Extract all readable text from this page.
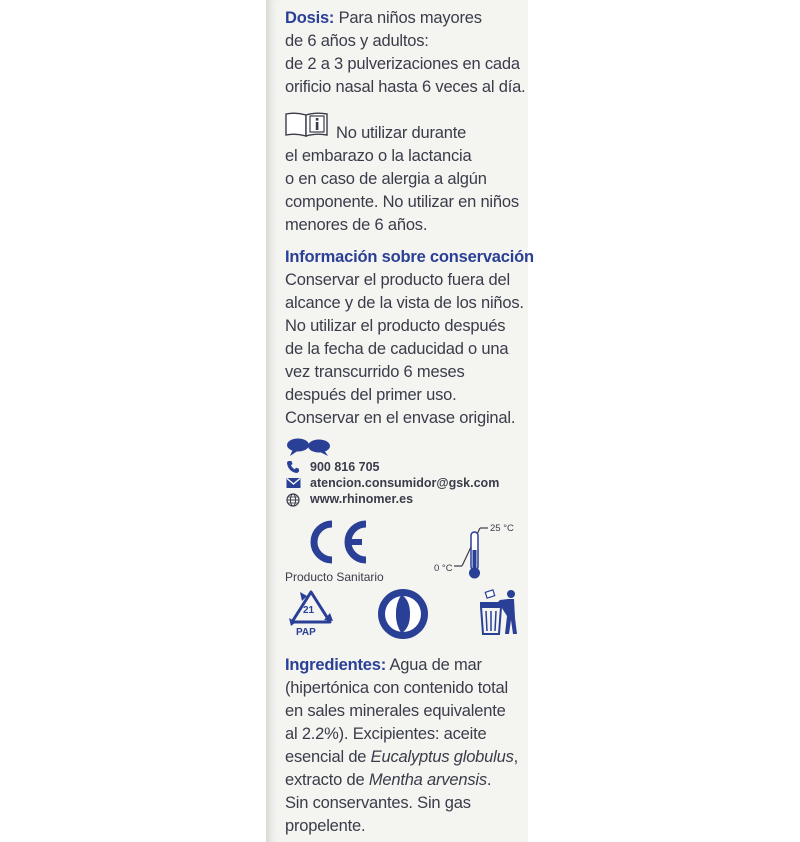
Dosis: Para niños mayores
de 6 años y adultos:
de 2 a 3 pulverizaciones en cada
orificio nasal hasta 6 veces al día.
No utilizar durante
el embarazo o la lactancia
o en caso de alergia a algún
componente. No utilizar en niños
menores de 6 años.
Información sobre conservación
Conservar el producto fuera del
alcance y de la vista de los niños.
No utilizar el producto después
de la fecha de caducidad o una
vez transcurrido 6 meses
después del primer uso.
Conservar en el envase original.
900 816 705
atencion.consumidor@gsk.com
www.rhinomer.es
Producto Sanitario
25 °C
0 °C
21
PAP
Ingredientes: Agua de mar
(hipertónica con contenido total
en sales minerales equivalente
al 2.2%). Excipientes: aceite
esencial de Eucalyptus globulus,
extracto de Mentha arvensis.
Sin conservantes. Sin gas
propelente.
